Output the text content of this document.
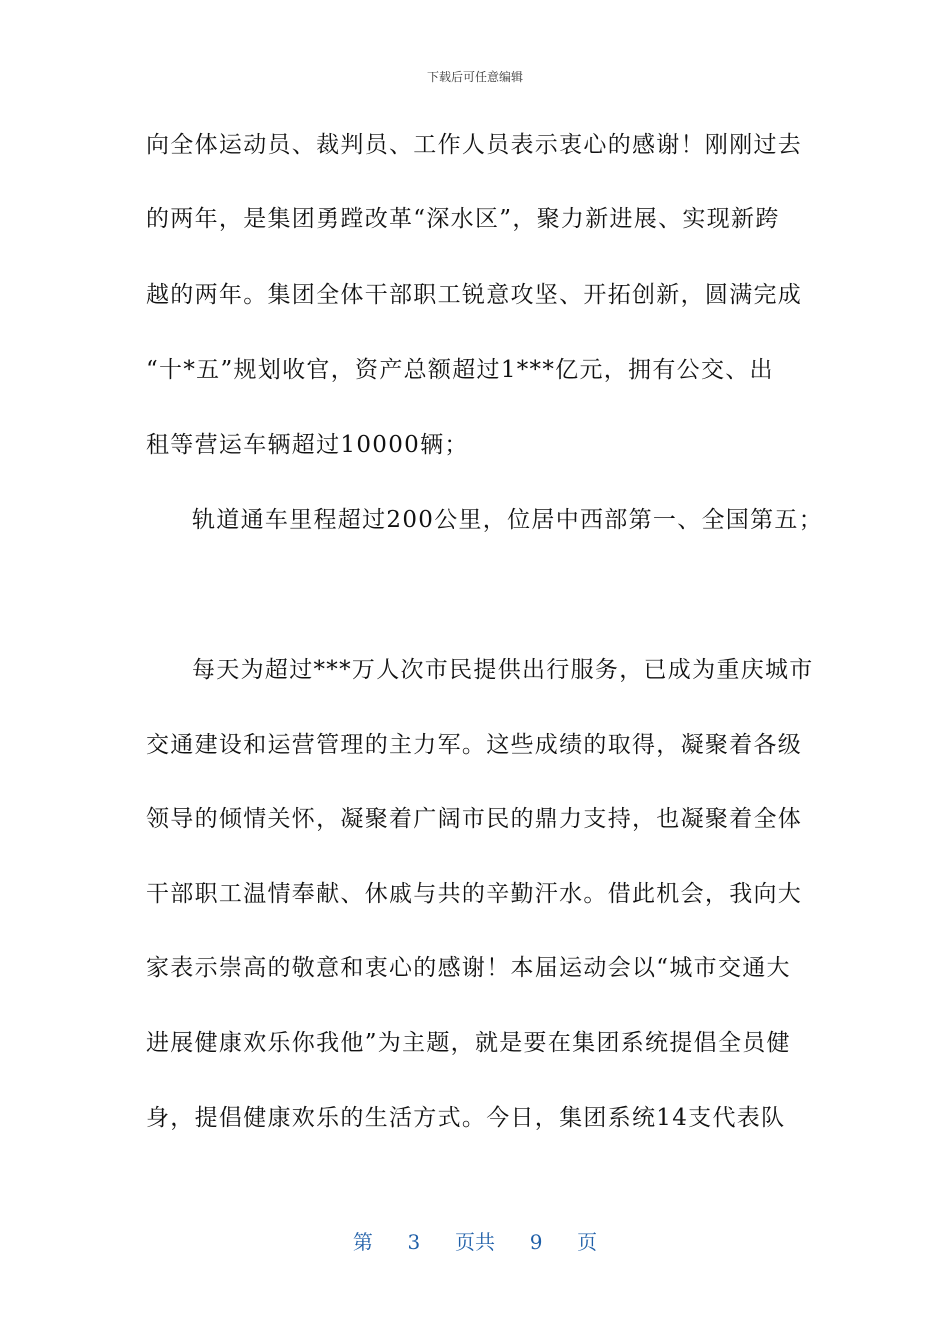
下载后可任意编辑
向全体运动员、裁判员、工作人员表示衷心的感谢！刚刚过去
的两年，是集团勇蹚改革“深水区”，聚力新进展、实现新跨
越的两年。集团全体干部职工锐意攻坚、开拓创新，圆满完成
“十*五”规划收官，资产总额超过1***亿元，拥有公交、出
租等营运车辆超过10000辆；
轨道通车里程超过200公里，位居中西部第一、全国第五；
每天为超过***万人次市民提供出行服务，已成为重庆城市
交通建设和运营管理的主力军。这些成绩的取得，凝聚着各级
领导的倾情关怀，凝聚着广阔市民的鼎力支持，也凝聚着全体
干部职工温情奉献、休戚与共的辛勤汗水。借此机会，我向大
家表示崇高的敬意和衷心的感谢！本届运动会以“城市交通大
进展健康欢乐你我他”为主题，就是要在集团系统提倡全员健
身，提倡健康欢乐的生活方式。今日，集团系统14支代表队
第 3 页共 9 页
